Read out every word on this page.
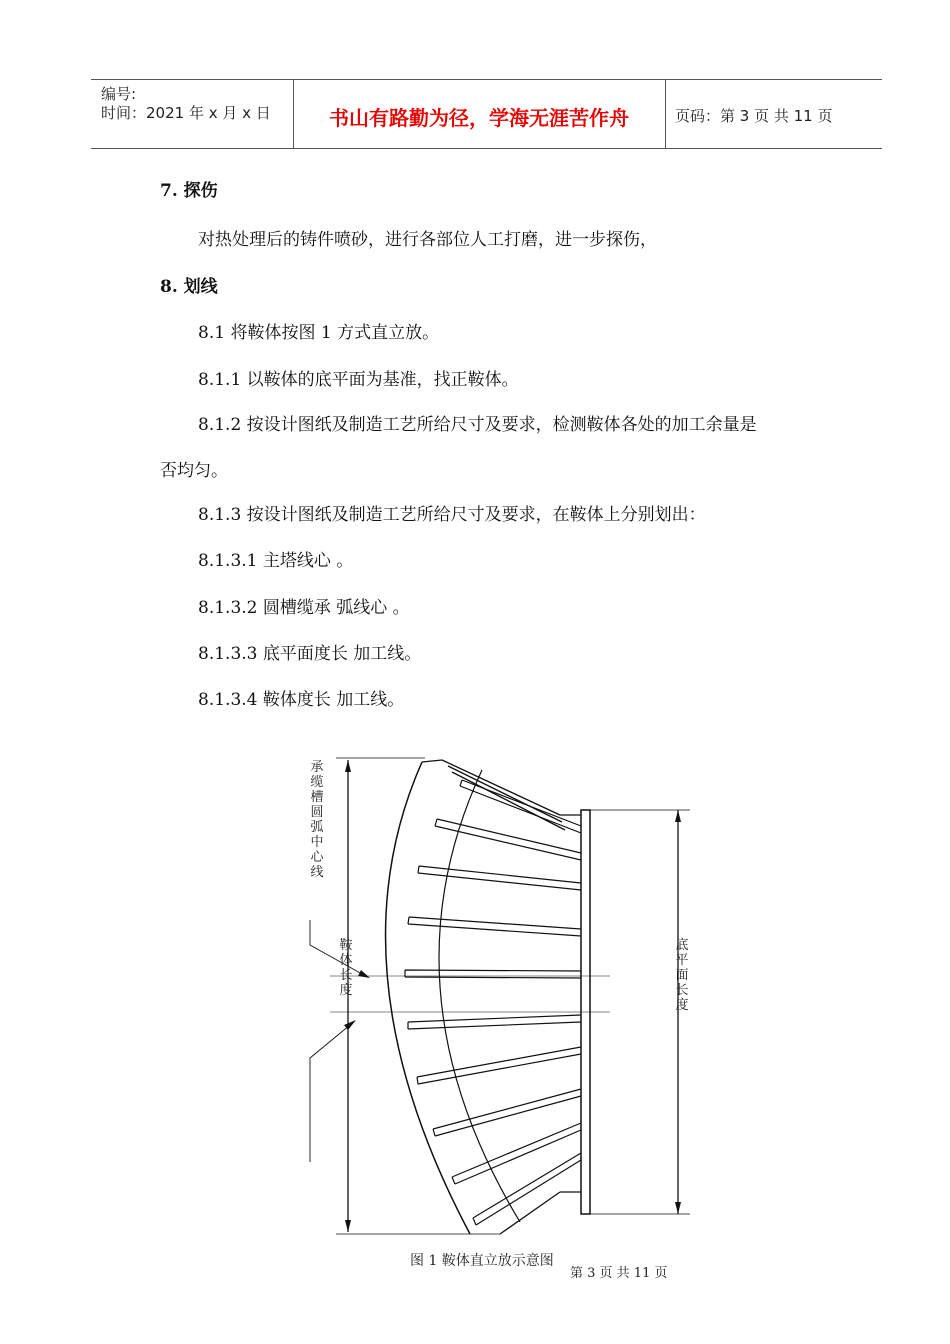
编号:
时间：2021 年 x 月 x 日	书山有路勤为径，学海无涯苦作舟	页码：第 3 页 共 11 页
7. 探伤
对热处理后的铸件喷砂，进行各部位人工打磨，进一步探伤，
8. 划线
8.1 将鞍体按图 1 方式直立放。
8.1.1 以鞍体的底平面为基准，找正鞍体。
8.1.2 按设计图纸及制造工艺所给尺寸及要求，检测鞍体各处的加工余量是
否均匀。
8.1.3 按设计图纸及制造工艺所给尺寸及要求，在鞍体上分别划出：
8.1.3.1 主塔线心 。
8.1.3.2 圆槽缆承 弧线心 。
8.1.3.3 底平面度长 加工线。
8.1.3.4 鞍体度长 加工线。
承缆槽圆弧中心线
鞍体长度
底平面长度
图 1 鞍体直立放示意图
第 3 页 共 11 页
